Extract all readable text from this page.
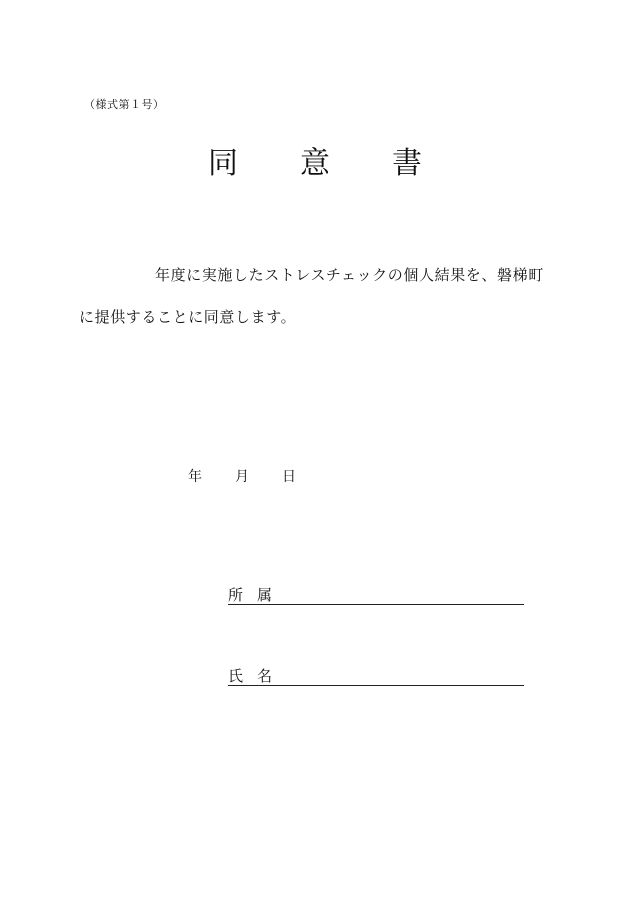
（様式第１号）
同 意 書
年度に実施したストレスチェックの個人結果を、磐梯町
に提供することに同意します。
年 月 日
所属
氏名
